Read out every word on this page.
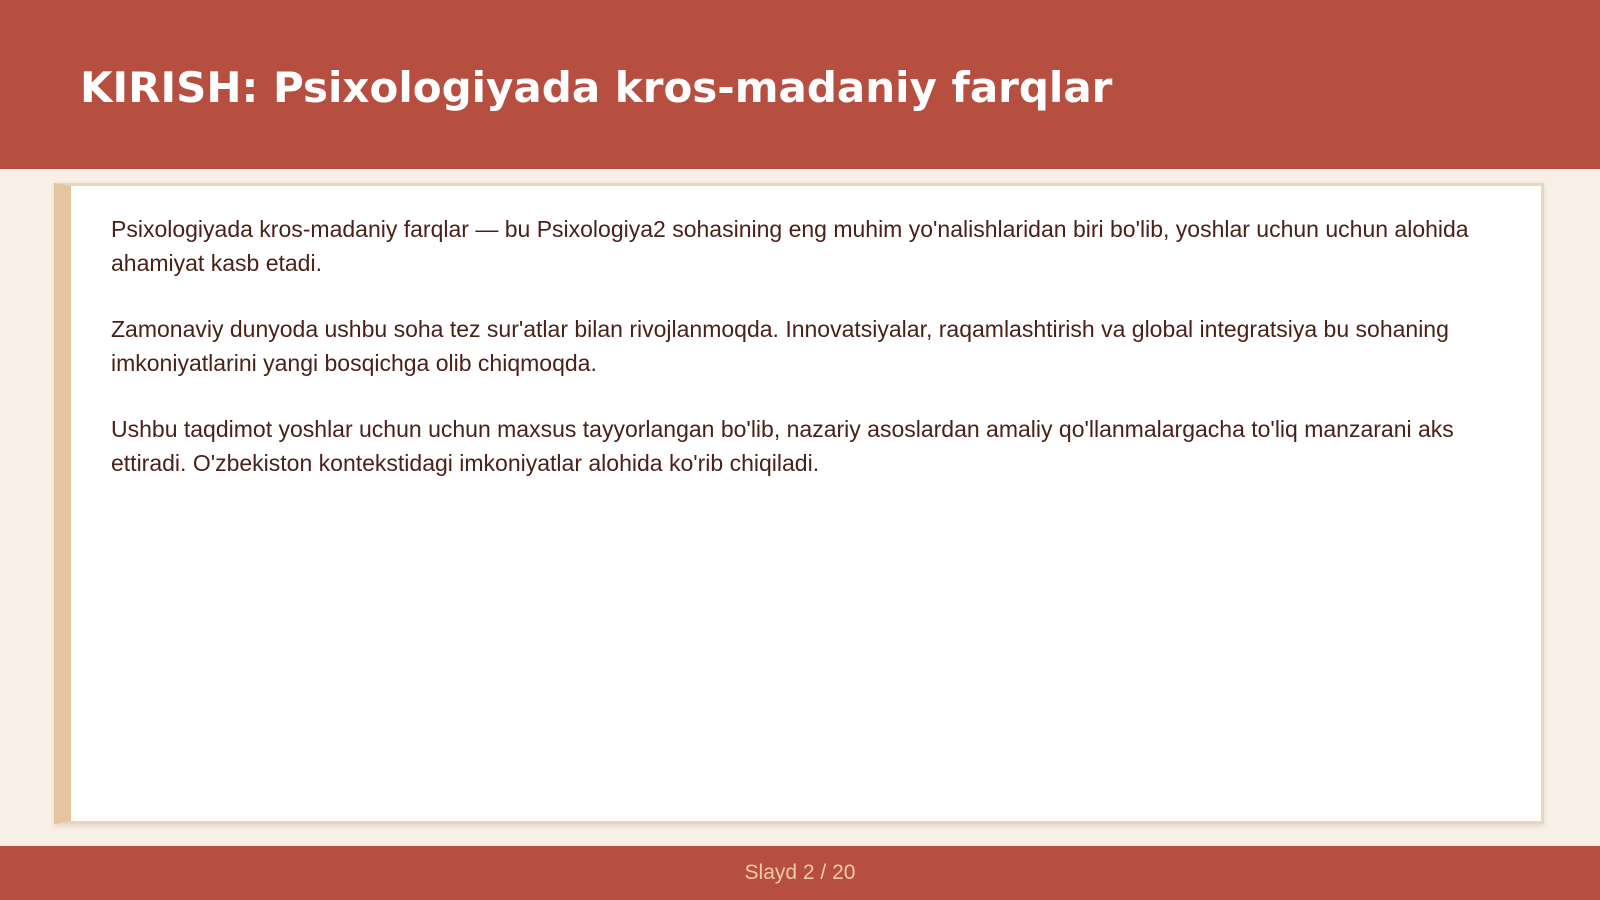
KIRISH: Psixologiyada kros-madaniy farqlar

Psixologiyada kros-madaniy farqlar — bu Psixologiya2 sohasining eng muhim yo'nalishlaridan biri bo'lib, yoshlar uchun uchun alohida ahamiyat kasb etadi.

Zamonaviy dunyoda ushbu soha tez sur'atlar bilan rivojlanmoqda. Innovatsiyalar, raqamlashtirish va global integratsiya bu sohaning imkoniyatlarini yangi bosqichga olib chiqmoqda.

Ushbu taqdimot yoshlar uchun uchun maxsus tayyorlangan bo'lib, nazariy asoslardan amaliy qo'llanmalargacha to'liq manzarani aks ettiradi. O'zbekiston kontekstidagi imkoniyatlar alohida ko'rib chiqiladi.

Slayd 2 / 20
